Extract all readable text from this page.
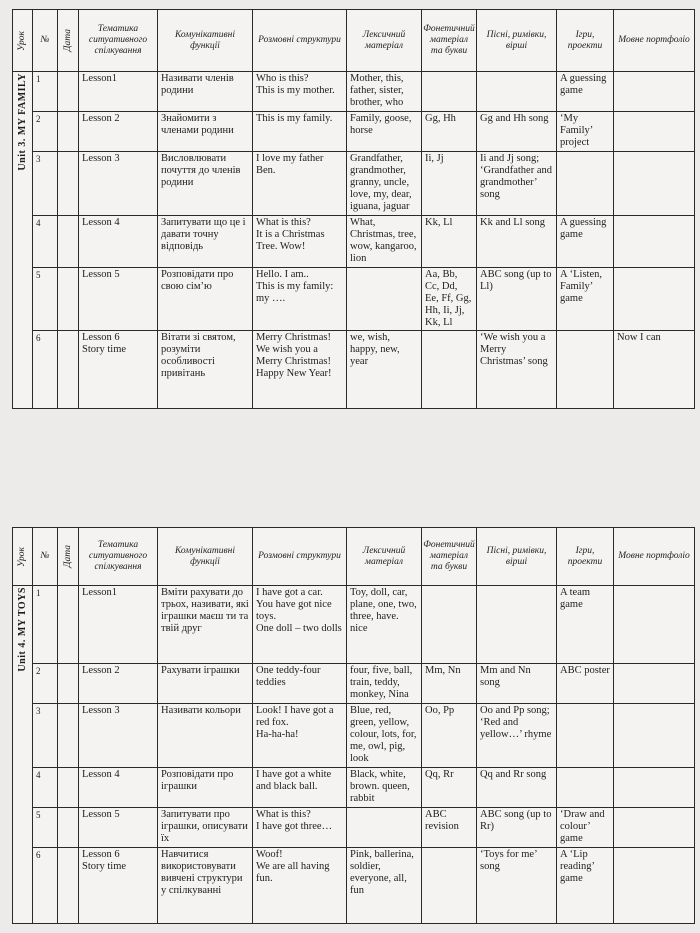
Урок	№	Дата	Тематика ситуативного спілкування	Комунікативні функції	Розмовні структури	Лексичний матеріал	Фонетичний матеріал та букви	Пісні, римівки, вірші	Ігри, проекти	Мовне портфоліо

Unit 3. MY FAMILY	1		Lesson1	Називати членів родини	Who is this?
This is my mother.	Mother, this, father, sister, brother, who			A guessing game	
	2		Lesson 2	Знайомити з членами родини	This is my family.	Family, goose, horse	Gg, Hh	Gg and Hh song	‘My Family’ project	
	3		Lesson 3	Висловлювати почуття до членів родини	I love my father Ben.	Grandfather, grandmother, granny, uncle, love, my, dear, iguana, jaguar	Ii, Jj	Ii and Jj song; ‘Grandfather and grandmother’ song		
	4		Lesson 4	Запитувати що це і давати точну відповідь	What is this?
It is a Christmas Tree. Wow!	What, Christmas, tree, wow, kangaroo, lion	Kk, Ll	Kk and Ll song	A guessing game	
	5		Lesson 5	Розповідати про свою сім’ю	Hello. I am..
This is my family:
my ….		Aa, Bb, Cc, Dd, Ee, Ff, Gg, Hh, Ii, Jj, Kk, Ll	ABC song (up to Ll)	A ‘Listen, Family’ game	
	6		Lesson 6
Story time	Вітати зі святом, розуміти особливості привітань	Merry Christmas!
We wish you a Merry Christmas!
Happy New Year!	we, wish, happy, new, year		‘We wish you a Merry Christmas’ song		Now I can
Урок	№	Дата	Тематика ситуативного спілкування	Комунікативні функції	Розмовні структури	Лексичний матеріал	Фонетичний матеріал та букви	Пісні, римівки, вірші	Ігри, проекти	Мовне портфоліо

Unit 4. MY TOYS	1		Lesson1	Вміти рахувати до трьох, називати, які іграшки маєш ти та твій друг	I have got a car.
You have got nice toys.
One doll – two dolls	Toy, doll, car, plane, one, two, three, have. nice			A team game	
	2		Lesson 2	Рахувати іграшки	One teddy-four teddies	four, five, ball, train, teddy, monkey, Nina	Mm, Nn	Mm and Nn song	ABC poster	
	3		Lesson 3	Називати кольори	Look! I have got a red fox.
Ha-ha-ha!	Blue, red, green, yellow, colour, lots, for, me, owl, pig, look	Oo, Pp	Oo and Pp song;
‘Red and yellow…’ rhyme		
	4		Lesson 4	Розповідати про іграшки	I have got a white and black ball.	Black, white, brown. queen, rabbit	Qq, Rr	Qq and Rr song		
	5		Lesson 5	Запитувати про іграшки, описувати їх	What is this?
I have got three…		ABC revision	ABC song (up to Rr)	‘Draw and colour’ game	
	6		Lesson 6
Story time	Навчитися використовувати вивчені структури у спілкуванні	Woof!
We are all having fun.	Pink, ballerina, soldier, everyone, all, fun		‘Toys for me’ song	A ‘Lip reading’ game	
